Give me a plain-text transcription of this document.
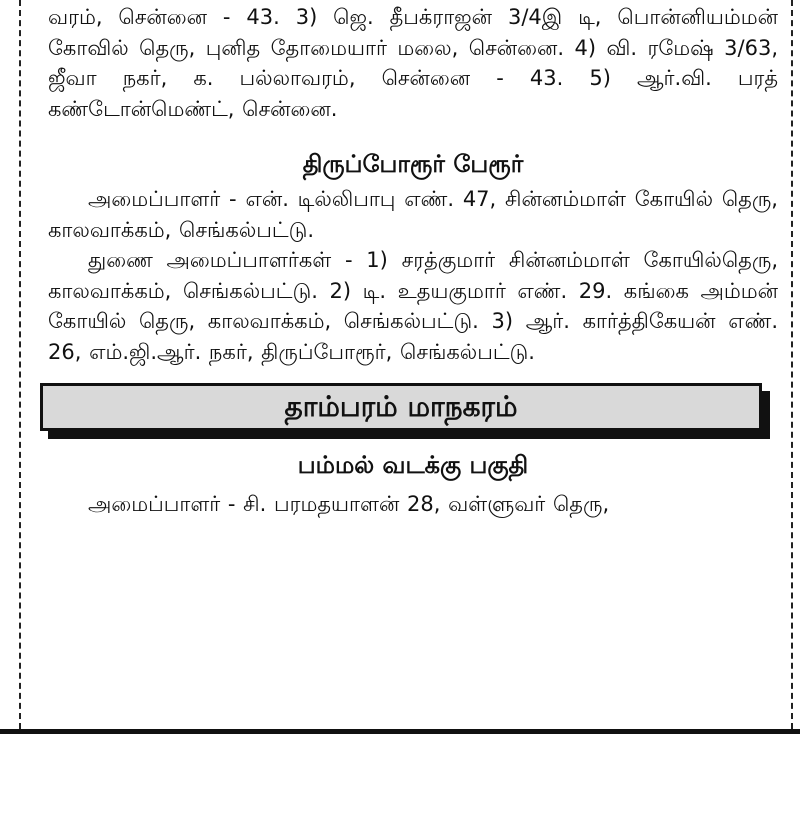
வரம், சென்னை - 43. 3) ஜெ. தீபக்ராஜன் 3/4இ டி, பொன்னியம்மன் கோவில் தெரு, புனித தோமையார் மலை, சென்னை. 4) வி. ரமேஷ் 3/63, ஜீவா நகர், க. பல்லாவரம், சென்னை - 43. 5) ஆர்.வி. பரத் கண்டோன்மெண்ட், சென்னை.

திருப்போரூர் பேரூர்

அமைப்பாளர் - என். டில்லிபாபு எண். 47, சின்னம்மாள் கோயில் தெரு, காலவாக்கம், செங்கல்பட்டு.

துணை அமைப்பாளர்கள் - 1) சரத்குமார் சின்னம்மாள் கோயில்தெரு, காலவாக்கம், செங்கல்பட்டு. 2) டி. உதயகுமார் எண். 29. கங்கை அம்மன் கோயில் தெரு, காலவாக்கம், செங்கல்பட்டு. 3) ஆர். கார்த்திகேயன் எண். 26, எம்.ஜி.ஆர். நகர், திருப்போரூர், செங்கல்பட்டு.

தாம்பரம் மாநகரம்
பம்மல் வடக்கு பகுதி

அமைப்பாளர் - சி. பரமதயாளன் 28, வள்ளுவர் தெரு,
